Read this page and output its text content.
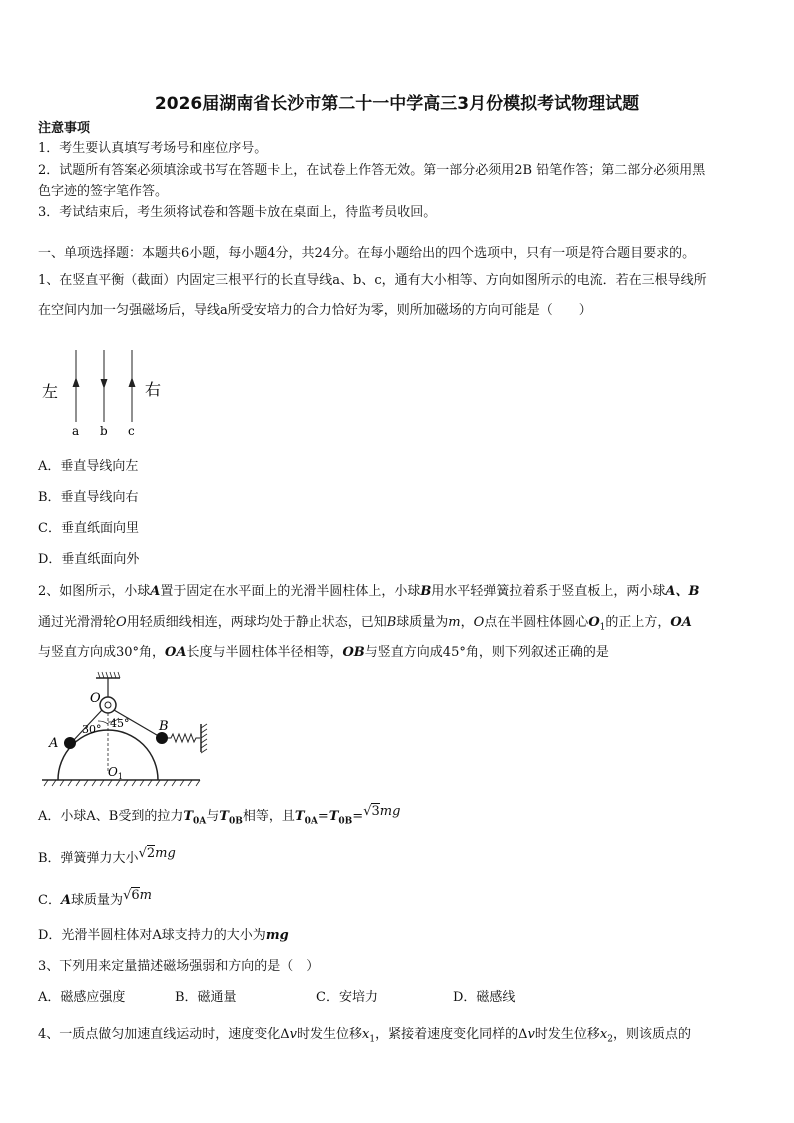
2026届湖南省长沙市第二十一中学高三3月份模拟考试物理试题
注意事项
1．考生要认真填写考场号和座位序号。
2．试题所有答案必须填涂或书写在答题卡上，在试卷上作答无效。第一部分必须用2B 铅笔作答；第二部分必须用黑
色字迹的签字笔作答。
3．考试结束后，考生须将试卷和答题卡放在桌面上，待监考员收回。
一、单项选择题：本题共6小题，每小题4分，共24分。在每小题给出的四个选项中，只有一项是符合题目要求的。
1、在竖直平衡（截面）内固定三根平行的长直导线a、b、c，通有大小相等、方向如图所示的电流．若在三根导线所
在空间内加一匀强磁场后，导线a所受安培力的合力恰好为零，则所加磁场的方向可能是（　　）
左	右
a b c
A．垂直导线向左
B．垂直导线向右
C．垂直纸面向里
D．垂直纸面向外
2、如图所示，小球A置于固定在水平面上的光滑半圆柱体上，小球B用水平轻弹簧拉着系于竖直板上，两小球A、B
通过光滑滑轮O用轻质细线相连，两球均处于静止状态，已知B球质量为m，O点在半圆柱体圆心$O_1$的正上方，OA
与竖直方向成30°角，OA长度与半圆柱体半径相等，OB与竖直方向成45°角，则下列叙述正确的是
O
A
B
30° 45°
$O_1$
A．小球A、B受到的拉力$T_{0A}$与$T_{0B}$相等，且$T_{0A}=T_{0B}=√3mg$
B．弹簧弹力大小√2mg
C．A球质量为√6m
D．光滑半圆柱体对A球支持力的大小为mg
3、下列用来定量描述磁场强弱和方向的是（　）
A．磁感应强度	B．磁通量	C．安培力	D．磁感线
4、一质点做匀加速直线运动时，速度变化Δv时发生位移$x_1$，紧接着速度变化同样的Δv时发生位移$x_2$，则该质点的
